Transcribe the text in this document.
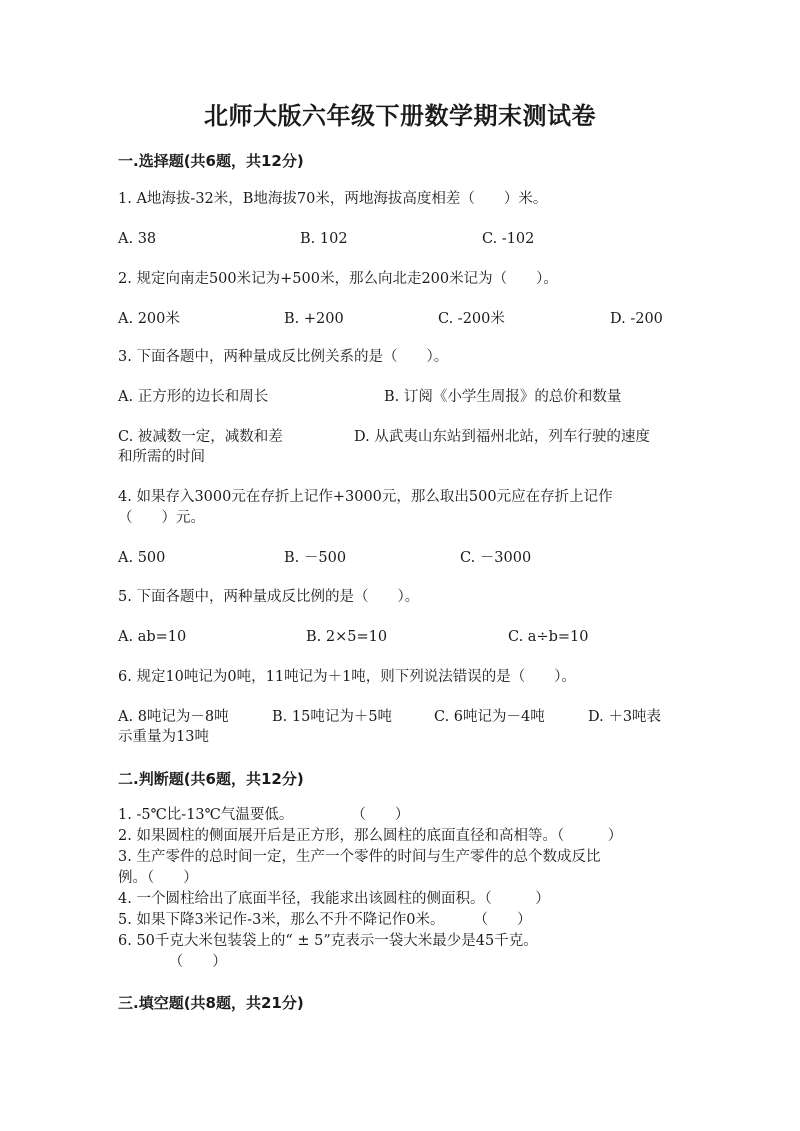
北师大版六年级下册数学期末测试卷
一.选择题(共6题，共12分)
1. A地海拔-32米，B地海拔70米，两地海拔高度相差（　　）米。
A. 38	B. 102	C. -102
2. 规定向南走500米记为+500米，那么向北走200米记为（　　）。
A. 200米	B. +200	C. -200米	D. -200
3. 下面各题中，两种量成反比例关系的是（　　）。
A. 正方形的边长和周长	B. 订阅《小学生周报》的总价和数量
C. 被减数一定，减数和差	D. 从武夷山东站到福州北站，列车行驶的速度
和所需的时间
4. 如果存入3000元在存折上记作+3000元，那么取出500元应在存折上记作
（　　）元。
A. 500	B. －500	C. －3000
5. 下面各题中，两种量成反比例的是（　　）。
A. ab=10	B. 2×5=10	C. a÷b=10
6. 规定10吨记为0吨，11吨记为＋1吨，则下列说法错误的是（　　）。
A. 8吨记为－8吨	B. 15吨记为＋5吨	C. 6吨记为－4吨	D. ＋3吨表
示重量为13吨
二.判断题(共6题，共12分)
1. -5℃比-13℃气温要低。　　　　　（　　）
2. 如果圆柱的侧面展开后是正方形，那么圆柱的底面直径和高相等。（　　　）
3. 生产零件的总时间一定，生产一个零件的时间与生产零件的总个数成反比
例。（　　）
4. 一个圆柱给出了底面半径，我能求出该圆柱的侧面积。（　　　）
5. 如果下降3米记作-3米，那么不升不降记作0米。　　　（　　）
6. 50千克大米包装袋上的“ ± 5”克表示一袋大米最少是45千克。
　　　　（　　）
三.填空题(共8题，共21分)
